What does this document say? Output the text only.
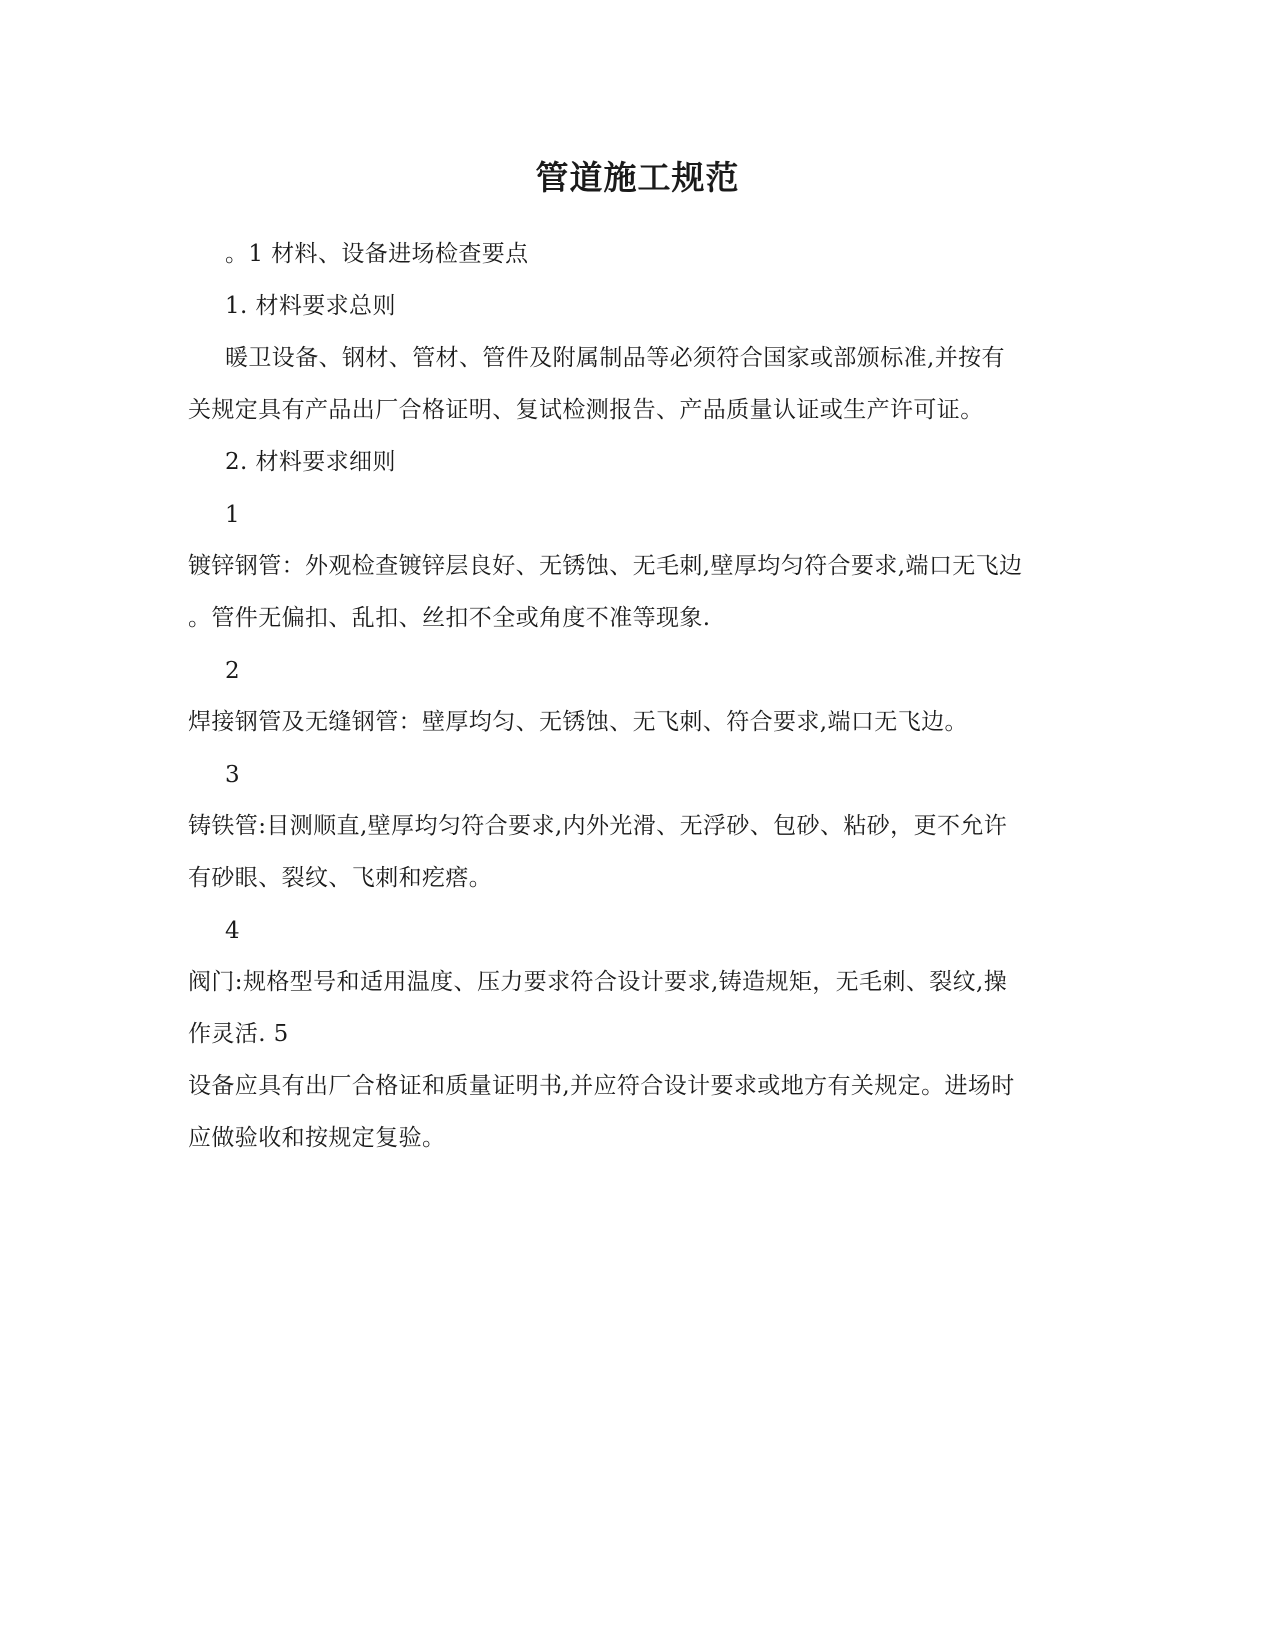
管道施工规范
。1 材料、设备进场检查要点
1. 材料要求总则
暖卫设备、钢材、管材、管件及附属制品等必须符合国家或部颁标准,并按有
关规定具有产品出厂合格证明、复试检测报告、产品质量认证或生产许可证。
2. 材料要求细则
1
镀锌钢管：外观检查镀锌层良好、无锈蚀、无毛刺,壁厚均匀符合要求,端口无飞边
。管件无偏扣、乱扣、丝扣不全或角度不准等现象.
2
焊接钢管及无缝钢管：壁厚均匀、无锈蚀、无飞刺、符合要求,端口无飞边。
3
铸铁管:目测顺直,壁厚均匀符合要求,内外光滑、无浮砂、包砂、粘砂，更不允许
有砂眼、裂纹、飞刺和疙瘩。
4
阀门:规格型号和适用温度、压力要求符合设计要求,铸造规矩，无毛刺、裂纹,操
作灵活. 5
设备应具有出厂合格证和质量证明书,并应符合设计要求或地方有关规定。进场时
应做验收和按规定复验。
